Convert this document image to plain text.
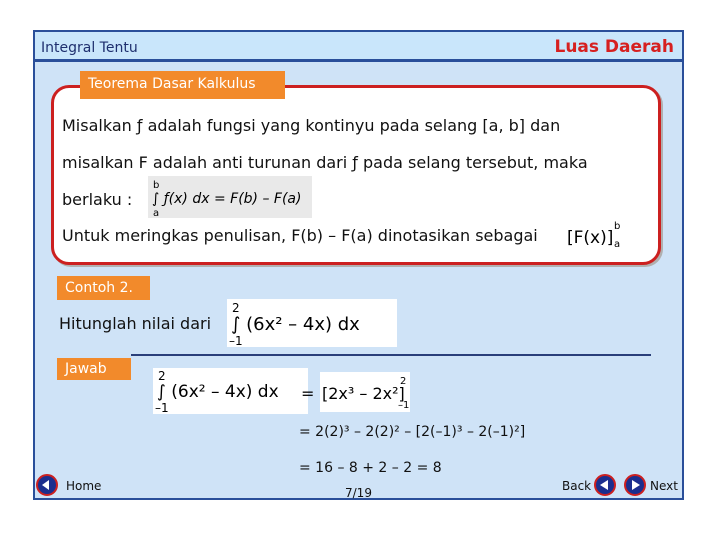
Integral Tentu	Luas Daerah
Teorema Dasar Kalkulus
Misalkan ƒ adalah fungsi yang kontinyu pada selang [a, b] dan
misalkan F adalah anti turunan dari ƒ pada selang tersebut, maka
berlaku :
b
∫ ƒ(x) dx = F(b) – F(a)
a
Untuk meringkas penulisan, F(b) – F(a) dinotasikan sebagai [F(x)]
b
a
Contoh 2.
Hitunglah nilai dari
2
∫ (6x² – 4x) dx
–1
Jawab	2
∫ (6x² – 4x) dx
–1
= [2x³ – 2x²]
2
–1
= 2(2)³ – 2(2)² – [2(–1)³ – 2(–1)²]
= 16 – 8 + 2 – 2 = 8
Home	7/19	Back	Next
